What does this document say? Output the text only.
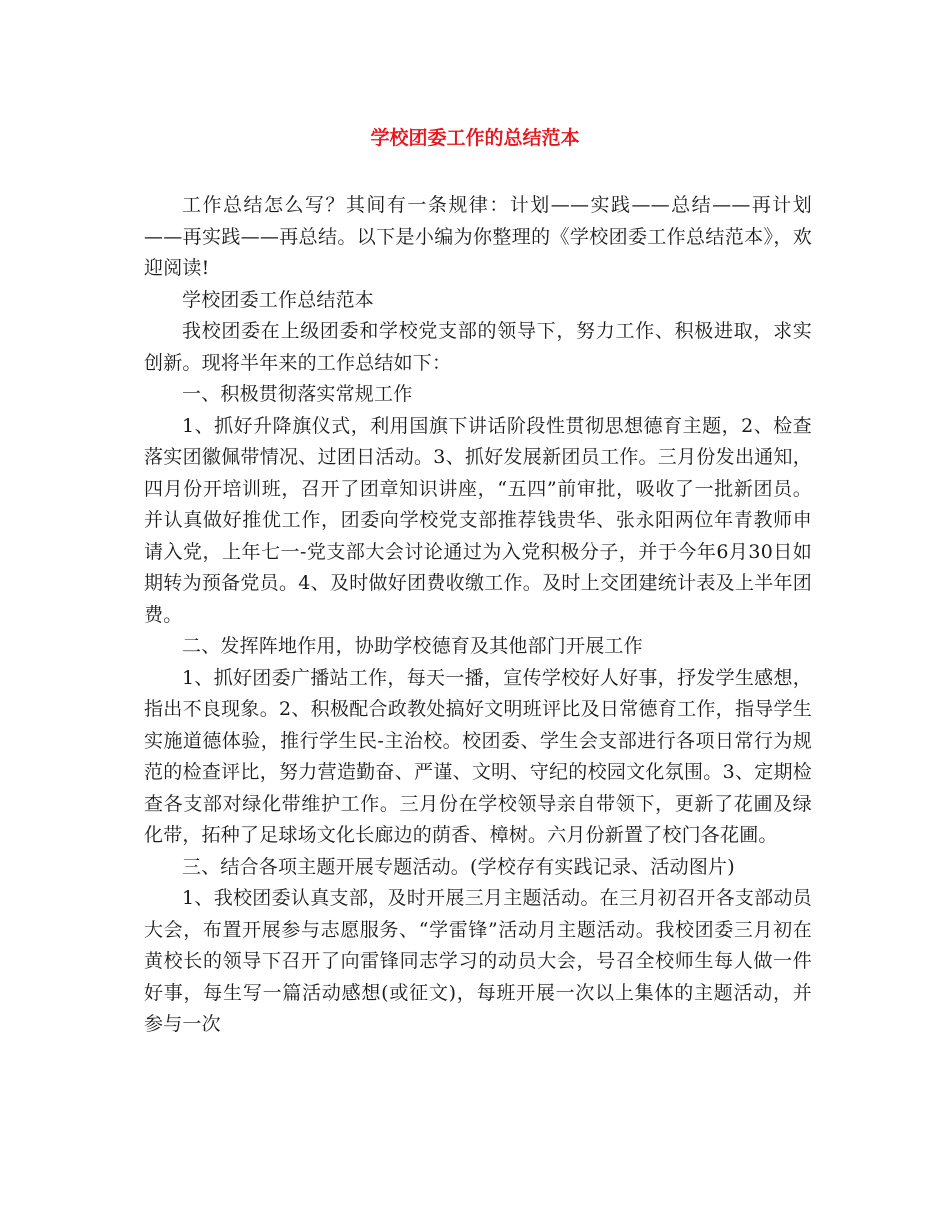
学校团委工作的总结范本

工作总结怎么写？其间有一条规律：计划——实践——总结——再计划——再实践——再总结。以下是小编为你整理的《学校团委工作总结范本》，欢迎阅读!

学校团委工作总结范本

我校团委在上级团委和学校党支部的领导下，努力工作、积极进取，求实创新。现将半年来的工作总结如下：

一、积极贯彻落实常规工作

1、抓好升降旗仪式，利用国旗下讲话阶段性贯彻思想德育主题，2、检查落实团徽佩带情况、过团日活动。3、抓好发展新团员工作。三月份发出通知，四月份开培训班，召开了团章知识讲座，“五四”前审批，吸收了一批新团员。并认真做好推优工作，团委向学校党支部推荐钱贵华、张永阳两位年青教师申请入党，上年七一-党支部大会讨论通过为入党积极分子，并于今年6月30日如期转为预备党员。4、及时做好团费收缴工作。及时上交团建统计表及上半年团费。

二、发挥阵地作用，协助学校德育及其他部门开展工作

1、抓好团委广播站工作，每天一播，宣传学校好人好事，抒发学生感想，指出不良现象。2、积极配合政教处搞好文明班评比及日常德育工作，指导学生实施道德体验，推行学生民-主治校。校团委、学生会支部进行各项日常行为规范的检查评比，努力营造勤奋、严谨、文明、守纪的校园文化氛围。3、定期检查各支部对绿化带维护工作。三月份在学校领导亲自带领下，更新了花圃及绿化带，拓种了足球场文化长廊边的荫香、樟树。六月份新置了校门各花圃。

三、结合各项主题开展专题活动。(学校存有实践记录、活动图片)

1、我校团委认真支部，及时开展三月主题活动。在三月初召开各支部动员大会，布置开展参与志愿服务、“学雷锋”活动月主题活动。我校团委三月初在黄校长的领导下召开了向雷锋同志学习的动员大会，号召全校师生每人做一件好事，每生写一篇活动感想(或征文)，每班开展一次以上集体的主题活动，并参与一次
